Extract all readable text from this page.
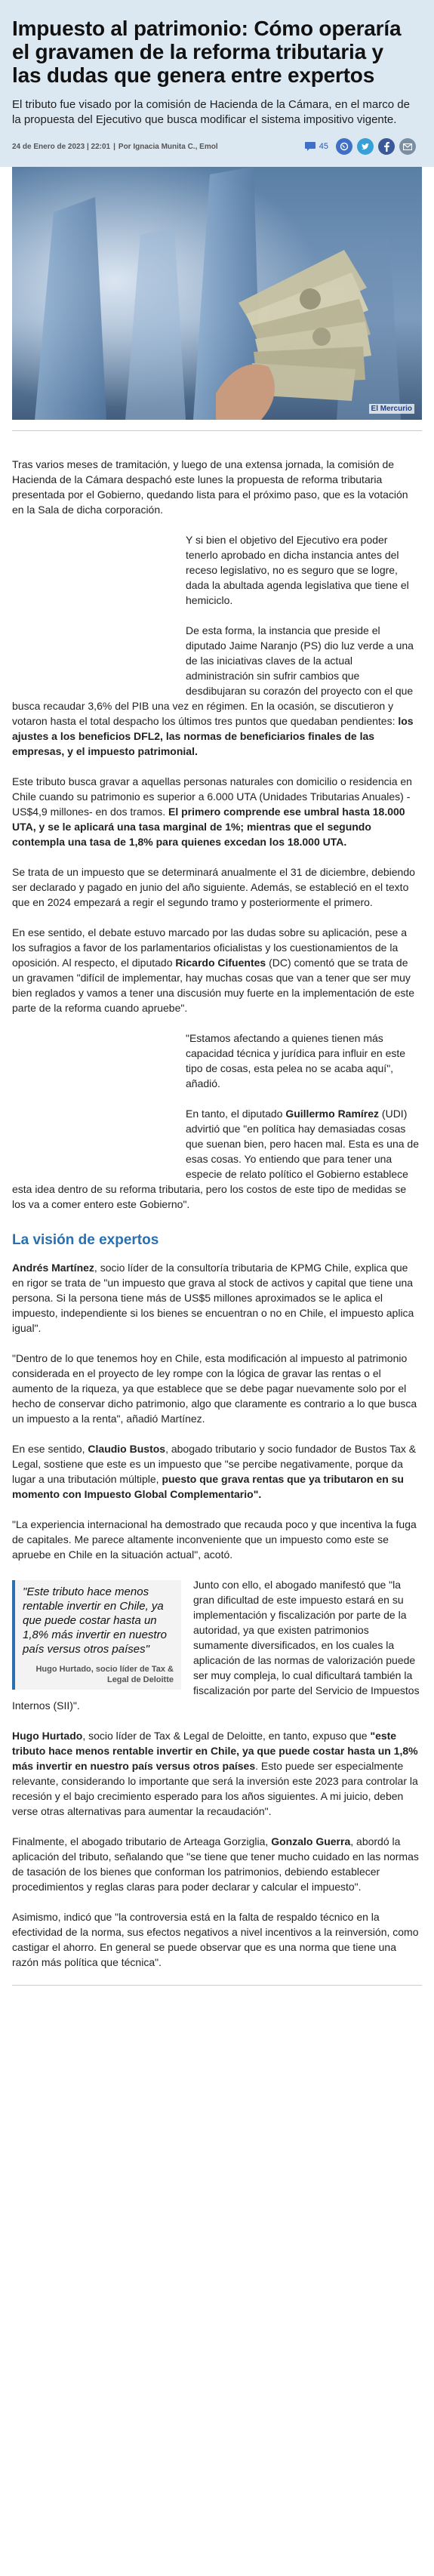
Impuesto al patrimonio: Cómo operaría el gravamen de la reforma tributaria y las dudas que genera entre expertos

El tributo fue visado por la comisión de Hacienda de la Cámara, en el marco de la propuesta del Ejecutivo que busca modificar el sistema impositivo vigente.

24 de Enero de 2023 | 22:01 | Por Ignacia Munita C., Emol	45
El Mercurio

Tras varios meses de tramitación, y luego de una extensa jornada, la comisión de Hacienda de la Cámara despachó este lunes la propuesta de reforma tributaria presentada por el Gobierno, quedando lista para el próximo paso, que es la votación en la Sala de dicha corporación.

Y si bien el objetivo del Ejecutivo era poder tenerlo aprobado en dicha instancia antes del receso legislativo, no es seguro que se logre, dada la abultada agenda legislativa que tiene el hemiciclo.

De esta forma, la instancia que preside el diputado Jaime Naranjo (PS) dio luz verde a una de las iniciativas claves de la actual administración sin sufrir cambios que desdibujaran su corazón del proyecto con el que busca recaudar 3,6% del PIB una vez en régimen. En la ocasión, se discutieron y votaron hasta el total despacho los últimos tres puntos que quedaban pendientes: los ajustes a los beneficios DFL2, las normas de beneficiarios finales de las empresas, y el impuesto patrimonial.

Este tributo busca gravar a aquellas personas naturales con domicilio o residencia en Chile cuando su patrimonio es superior a 6.000 UTA (Unidades Tributarias Anuales) -US$4,9 millones- en dos tramos. El primero comprende ese umbral hasta 18.000 UTA, y se le aplicará una tasa marginal de 1%; mientras que el segundo contempla una tasa de 1,8% para quienes excedan los 18.000 UTA.

Se trata de un impuesto que se determinará anualmente el 31 de diciembre, debiendo ser declarado y pagado en junio del año siguiente. Además, se estableció en el texto que en 2024 empezará a regir el segundo tramo y posteriormente el primero.

En ese sentido, el debate estuvo marcado por las dudas sobre su aplicación, pese a los sufragios a favor de los parlamentarios oficialistas y los cuestionamientos de la oposición. Al respecto, el diputado Ricardo Cifuentes (DC) comentó que se trata de un gravamen "difícil de implementar, hay muchas cosas que van a tener que ser muy bien reglados y vamos a tener una discusión muy fuerte en la implementación de este parte de la reforma cuando apruebe".

"Estamos afectando a quienes tienen más capacidad técnica y jurídica para influir en este tipo de cosas, esta pelea no se acaba aquí", añadió.

En tanto, el diputado Guillermo Ramírez (UDI) advirtió que "en política hay demasiadas cosas que suenan bien, pero hacen mal. Esta es una de esas cosas. Yo entiendo que para tener una especie de relato político el Gobierno establece esta idea dentro de su reforma tributaria, pero los costos de este tipo de medidas se los va a comer entero este Gobierno".

La visión de expertos

Andrés Martínez, socio líder de la consultoría tributaria de KPMG Chile, explica que en rigor se trata de "un impuesto que grava al stock de activos y capital que tiene una persona. Si la persona tiene más de US$5 millones aproximados se le aplica el impuesto, independiente si los bienes se encuentran o no en Chile, el impuesto aplica igual".

"Dentro de lo que tenemos hoy en Chile, esta modificación al impuesto al patrimonio considerada en el proyecto de ley rompe con la lógica de gravar las rentas o el aumento de la riqueza, ya que establece que se debe pagar nuevamente solo por el hecho de conservar dicho patrimonio, algo que claramente es contrario a lo que busca un impuesto a la renta", añadió Martínez.

En ese sentido, Claudio Bustos, abogado tributario y socio fundador de Bustos Tax & Legal, sostiene que este es un impuesto que "se percibe negativamente, porque da lugar a una tributación múltiple, puesto que grava rentas que ya tributaron en su momento con Impuesto Global Complementario".

"La experiencia internacional ha demostrado que recauda poco y que incentiva la fuga de capitales. Me parece altamente inconveniente que un impuesto como este se apruebe en Chile en la situación actual", acotó.

"Este tributo hace menos rentable invertir en Chile, ya que puede costar hasta un 1,8% más invertir en nuestro país versus otros países"
Hugo Hurtado, socio líder de Tax & Legal de Deloitte

Junto con ello, el abogado manifestó que "la gran dificultad de este impuesto estará en su implementación y fiscalización por parte de la autoridad, ya que existen patrimonios sumamente diversificados, en los cuales la aplicación de las normas de valorización puede ser muy compleja, lo cual dificultará también la fiscalización por parte del Servicio de Impuestos Internos (SII)".

Hugo Hurtado, socio líder de Tax & Legal de Deloitte, en tanto, expuso que "este tributo hace menos rentable invertir en Chile, ya que puede costar hasta un 1,8% más invertir en nuestro país versus otros países. Esto puede ser especialmente relevante, considerando lo importante que será la inversión este 2023 para controlar la recesión y el bajo crecimiento esperado para los años siguientes. A mi juicio, deben verse otras alternativas para aumentar la recaudación".

Finalmente, el abogado tributario de Arteaga Gorziglia, Gonzalo Guerra, abordó la aplicación del tributo, señalando que "se tiene que tener mucho cuidado en las normas de tasación de los bienes que conforman los patrimonios, debiendo establecer procedimientos y reglas claras para poder declarar y calcular el impuesto".

Asimismo, indicó que "la controversia está en la falta de respaldo técnico en la efectividad de la norma, sus efectos negativos a nivel incentivos a la reinversión, como castigar el ahorro. En general se puede observar que es una norma que tiene una razón más política que técnica".
